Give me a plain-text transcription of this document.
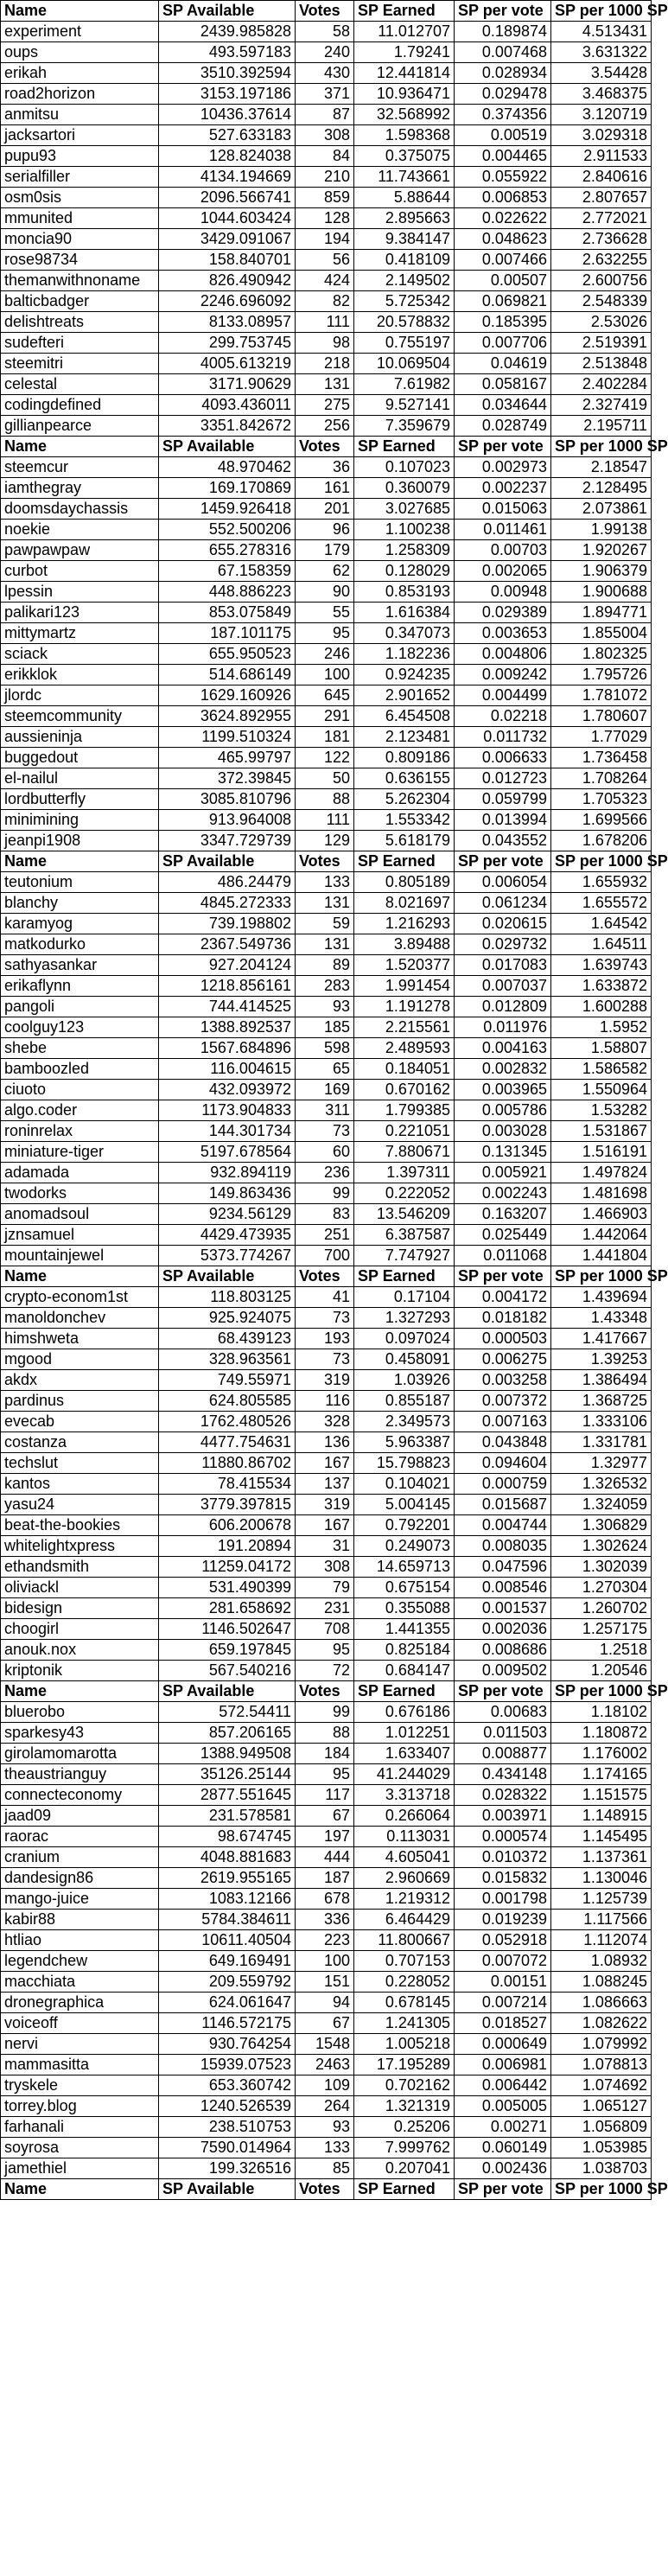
Name	SP Available	Votes	SP Earned	SP per vote	SP per 1000 SP
experiment	2439.985828	58	11.012707	0.189874	4.513431
oups	493.597183	240	1.79241	0.007468	3.631322
erikah	3510.392594	430	12.441814	0.028934	3.54428
road2horizon	3153.197186	371	10.936471	0.029478	3.468375
anmitsu	10436.37614	87	32.568992	0.374356	3.120719
jacksartori	527.633183	308	1.598368	0.00519	3.029318
pupu93	128.824038	84	0.375075	0.004465	2.911533
serialfiller	4134.194669	210	11.743661	0.055922	2.840616
osm0sis	2096.566741	859	5.88644	0.006853	2.807657
mmunited	1044.603424	128	2.895663	0.022622	2.772021
moncia90	3429.091067	194	9.384147	0.048623	2.736628
rose98734	158.840701	56	0.418109	0.007466	2.632255
themanwithnoname	826.490942	424	2.149502	0.00507	2.600756
balticbadger	2246.696092	82	5.725342	0.069821	2.548339
delishtreats	8133.08957	111	20.578832	0.185395	2.53026
sudefteri	299.753745	98	0.755197	0.007706	2.519391
steemitri	4005.613219	218	10.069504	0.04619	2.513848
celestal	3171.90629	131	7.61982	0.058167	2.402284
codingdefined	4093.436011	275	9.527141	0.034644	2.327419
gillianpearce	3351.842672	256	7.359679	0.028749	2.195711
Name	SP Available	Votes	SP Earned	SP per vote	SP per 1000 SP
steemcur	48.970462	36	0.107023	0.002973	2.18547
iamthegray	169.170869	161	0.360079	0.002237	2.128495
doomsdaychassis	1459.926418	201	3.027685	0.015063	2.073861
noekie	552.500206	96	1.100238	0.011461	1.99138
pawpawpaw	655.278316	179	1.258309	0.00703	1.920267
curbot	67.158359	62	0.128029	0.002065	1.906379
lpessin	448.886223	90	0.853193	0.00948	1.900688
palikari123	853.075849	55	1.616384	0.029389	1.894771
mittymartz	187.101175	95	0.347073	0.003653	1.855004
sciack	655.950523	246	1.182236	0.004806	1.802325
erikklok	514.686149	100	0.924235	0.009242	1.795726
jlordc	1629.160926	645	2.901652	0.004499	1.781072
steemcommunity	3624.892955	291	6.454508	0.02218	1.780607
aussieninja	1199.510324	181	2.123481	0.011732	1.77029
buggedout	465.99797	122	0.809186	0.006633	1.736458
el-nailul	372.39845	50	0.636155	0.012723	1.708264
lordbutterfly	3085.810796	88	5.262304	0.059799	1.705323
minimining	913.964008	111	1.553342	0.013994	1.699566
jeanpi1908	3347.729739	129	5.618179	0.043552	1.678206
Name	SP Available	Votes	SP Earned	SP per vote	SP per 1000 SP
teutonium	486.24479	133	0.805189	0.006054	1.655932
blanchy	4845.272333	131	8.021697	0.061234	1.655572
karamyog	739.198802	59	1.216293	0.020615	1.64542
matkodurko	2367.549736	131	3.89488	0.029732	1.64511
sathyasankar	927.204124	89	1.520377	0.017083	1.639743
erikaflynn	1218.856161	283	1.991454	0.007037	1.633872
pangoli	744.414525	93	1.191278	0.012809	1.600288
coolguy123	1388.892537	185	2.215561	0.011976	1.5952
shebe	1567.684896	598	2.489593	0.004163	1.58807
bamboozled	116.004615	65	0.184051	0.002832	1.586582
ciuoto	432.093972	169	0.670162	0.003965	1.550964
algo.coder	1173.904833	311	1.799385	0.005786	1.53282
roninrelax	144.301734	73	0.221051	0.003028	1.531867
miniature-tiger	5197.678564	60	7.880671	0.131345	1.516191
adamada	932.894119	236	1.397311	0.005921	1.497824
twodorks	149.863436	99	0.222052	0.002243	1.481698
anomadsoul	9234.56129	83	13.546209	0.163207	1.466903
jznsamuel	4429.473935	251	6.387587	0.025449	1.442064
mountainjewel	5373.774267	700	7.747927	0.011068	1.441804
Name	SP Available	Votes	SP Earned	SP per vote	SP per 1000 SP
crypto-econom1st	118.803125	41	0.17104	0.004172	1.439694
manoldonchev	925.924075	73	1.327293	0.018182	1.43348
himshweta	68.439123	193	0.097024	0.000503	1.417667
mgood	328.963561	73	0.458091	0.006275	1.39253
akdx	749.55971	319	1.03926	0.003258	1.386494
pardinus	624.805585	116	0.855187	0.007372	1.368725
evecab	1762.480526	328	2.349573	0.007163	1.333106
costanza	4477.754631	136	5.963387	0.043848	1.331781
techslut	11880.86702	167	15.798823	0.094604	1.32977
kantos	78.415534	137	0.104021	0.000759	1.326532
yasu24	3779.397815	319	5.004145	0.015687	1.324059
beat-the-bookies	606.200678	167	0.792201	0.004744	1.306829
whitelightxpress	191.20894	31	0.249073	0.008035	1.302624
ethandsmith	11259.04172	308	14.659713	0.047596	1.302039
oliviackl	531.490399	79	0.675154	0.008546	1.270304
bidesign	281.658692	231	0.355088	0.001537	1.260702
choogirl	1146.502647	708	1.441355	0.002036	1.257175
anouk.nox	659.197845	95	0.825184	0.008686	1.2518
kriptonik	567.540216	72	0.684147	0.009502	1.20546
Name	SP Available	Votes	SP Earned	SP per vote	SP per 1000 SP
bluerobo	572.54411	99	0.676186	0.00683	1.18102
sparkesy43	857.206165	88	1.012251	0.011503	1.180872
girolamomarotta	1388.949508	184	1.633407	0.008877	1.176002
theaustrianguy	35126.25144	95	41.244029	0.434148	1.174165
connecteconomy	2877.551645	117	3.313718	0.028322	1.151575
jaad09	231.578581	67	0.266064	0.003971	1.148915
raorac	98.674745	197	0.113031	0.000574	1.145495
cranium	4048.881683	444	4.605041	0.010372	1.137361
dandesign86	2619.955165	187	2.960669	0.015832	1.130046
mango-juice	1083.12166	678	1.219312	0.001798	1.125739
kabir88	5784.384611	336	6.464429	0.019239	1.117566
htliao	10611.40504	223	11.800667	0.052918	1.112074
legendchew	649.169491	100	0.707153	0.007072	1.08932
macchiata	209.559792	151	0.228052	0.00151	1.088245
dronegraphica	624.061647	94	0.678145	0.007214	1.086663
voiceoff	1146.572175	67	1.241305	0.018527	1.082622
nervi	930.764254	1548	1.005218	0.000649	1.079992
mammasitta	15939.07523	2463	17.195289	0.006981	1.078813
tryskele	653.360742	109	0.702162	0.006442	1.074692
torrey.blog	1240.526539	264	1.321319	0.005005	1.065127
farhanali	238.510753	93	0.25206	0.00271	1.056809
soyrosa	7590.014964	133	7.999762	0.060149	1.053985
jamethiel	199.326516	85	0.207041	0.002436	1.038703
Name	SP Available	Votes	SP Earned	SP per vote	SP per 1000 SP
